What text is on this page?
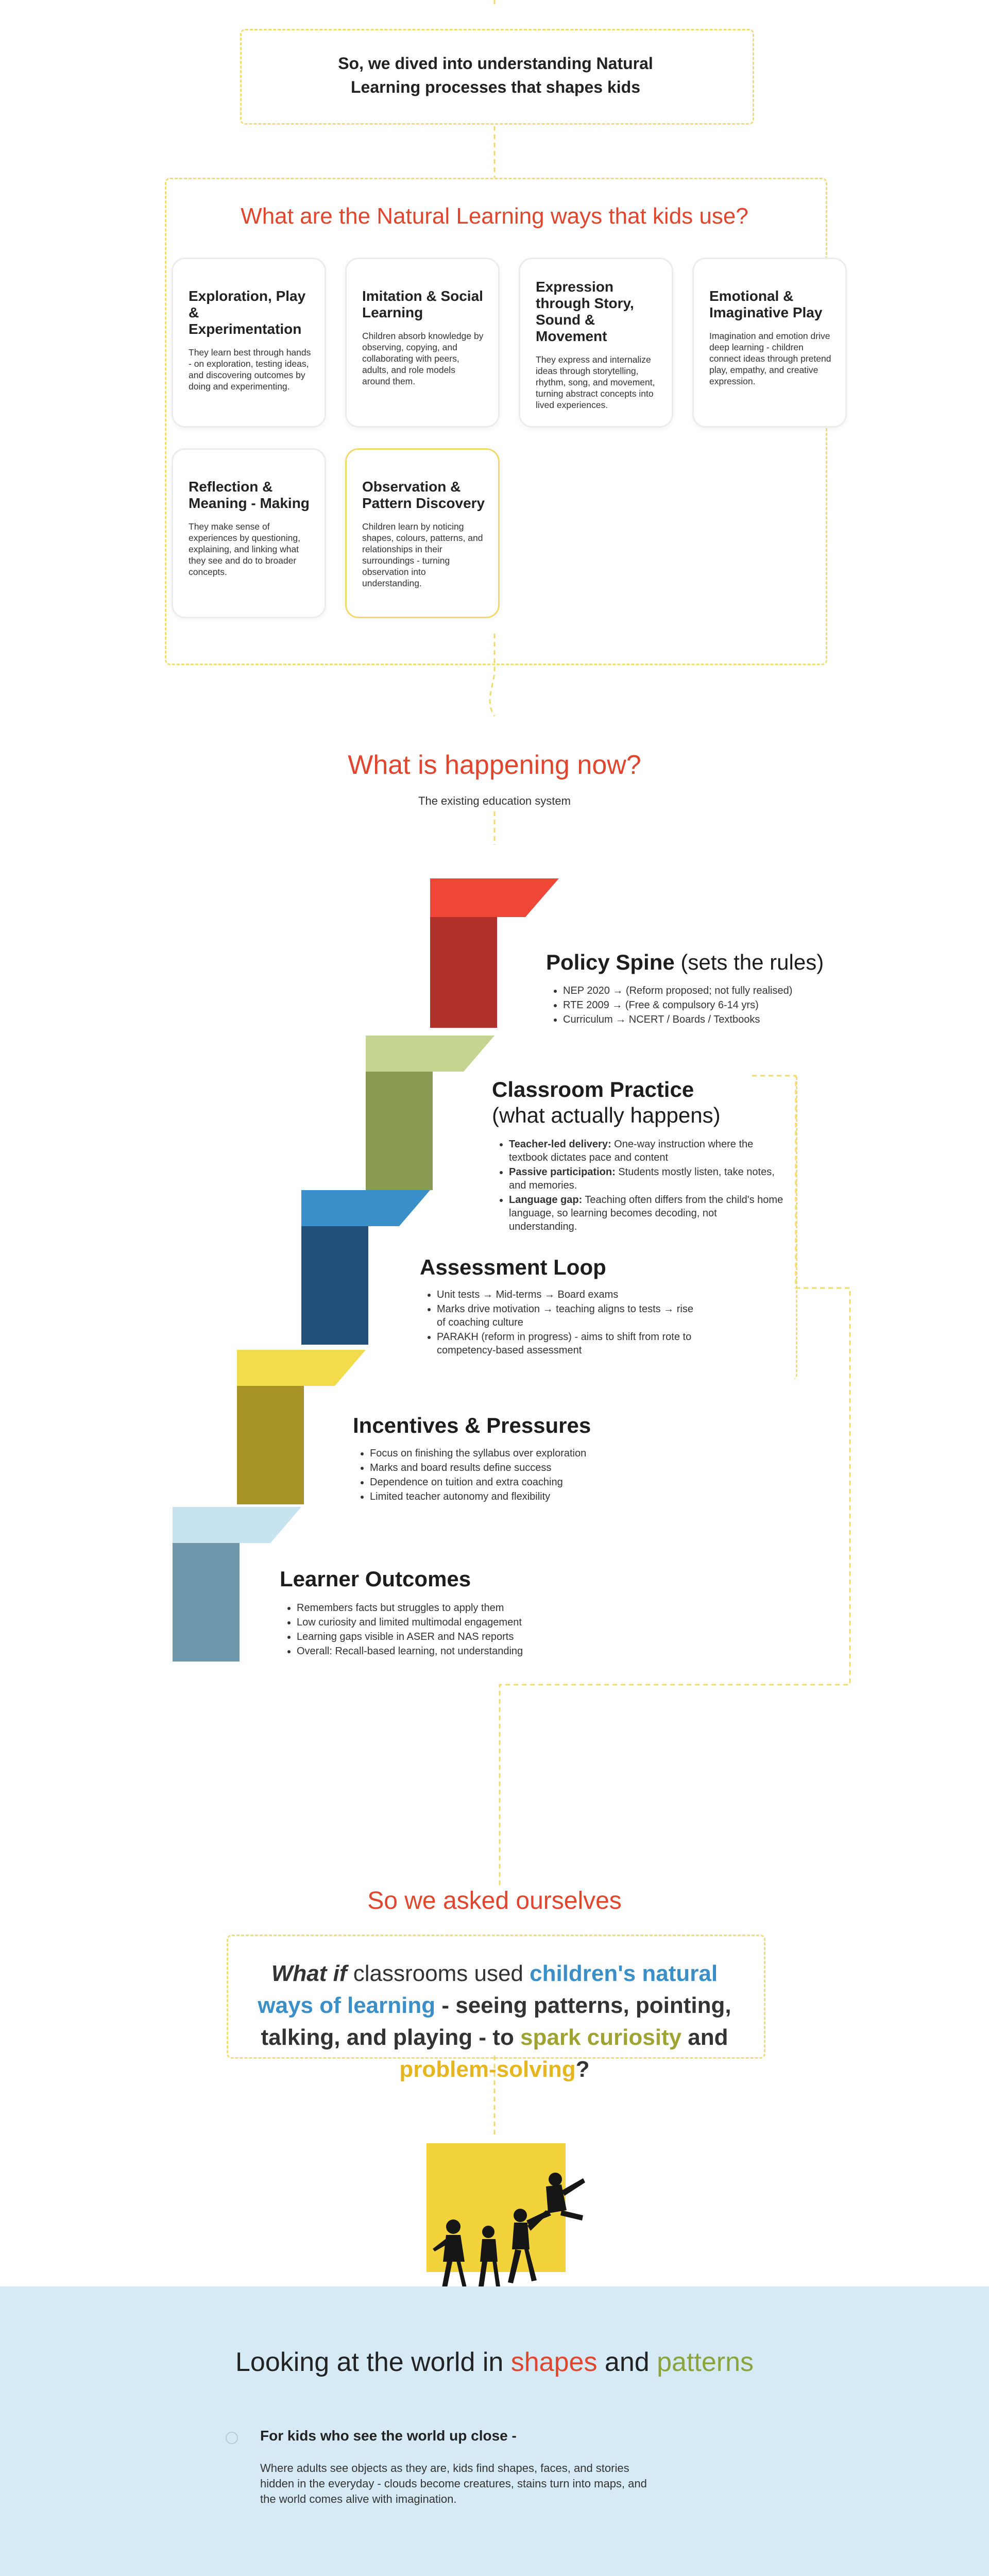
So, we dived into understanding Natural
Learning processes that shapes kids
What are the Natural Learning ways that kids use?
Exploration, Play & Experimentation

They learn best through hands - on exploration, testing ideas, and discovering outcomes by doing and experimenting.

Imitation & Social Learning

Children absorb knowledge by observing, copying, and collaborating with peers, adults, and role models around them.

Expression through Story, Sound & Movement

They express and internalize ideas through storytelling, rhythm, song, and movement, turning abstract concepts into lived experiences.

Emotional & Imaginative Play

Imagination and emotion drive deep learning - children connect ideas through pretend play, empathy, and creative expression.

Reflection & Meaning - Making

They make sense of experiences by questioning, explaining, and linking what they see and do to broader concepts.

Observation & Pattern Discovery

Children learn by noticing shapes, colours, patterns, and relationships in their surroundings - turning observation into understanding.

What is happening now?
The existing education system
Policy Spine (sets the rules)
• NEP 2020 → (Reform proposed; not fully realised)
• RTE 2009 → (Free & compulsory 6-14 yrs)
• Curriculum → NCERT / Boards / Textbooks
Classroom Practice
(what actually happens)
• Teacher-led delivery: One-way instruction where the textbook dictates pace and content
• Passive participation: Students mostly listen, take notes, and memories.
• Language gap: Teaching often differs from the child's home language, so learning becomes decoding, not understanding.
Assessment Loop
• Unit tests → Mid-terms → Board exams
• Marks drive motivation → teaching aligns to tests → rise of coaching culture
• PARAKH (reform in progress) - aims to shift from rote to competency-based assessment
Incentives & Pressures
• Focus on finishing the syllabus over exploration
• Marks and board results define success
• Dependence on tuition and extra coaching
• Limited teacher autonomy and flexibility
Learner Outcomes
• Remembers facts but struggles to apply them
• Low curiosity and limited multimodal engagement
• Learning gaps visible in ASER and NAS reports
• Overall: Recall-based learning, not understanding
So we asked ourselves
What if classrooms used children's natural ways of learning - seeing patterns, pointing, talking, and playing - to spark curiosity and problem-solving?
Looking at the world in shapes and patterns
For kids who see the world up close -
Where adults see objects as they are, kids find shapes, faces, and stories hidden in the everyday - clouds become creatures, stains turn into maps, and the world comes alive with imagination.
